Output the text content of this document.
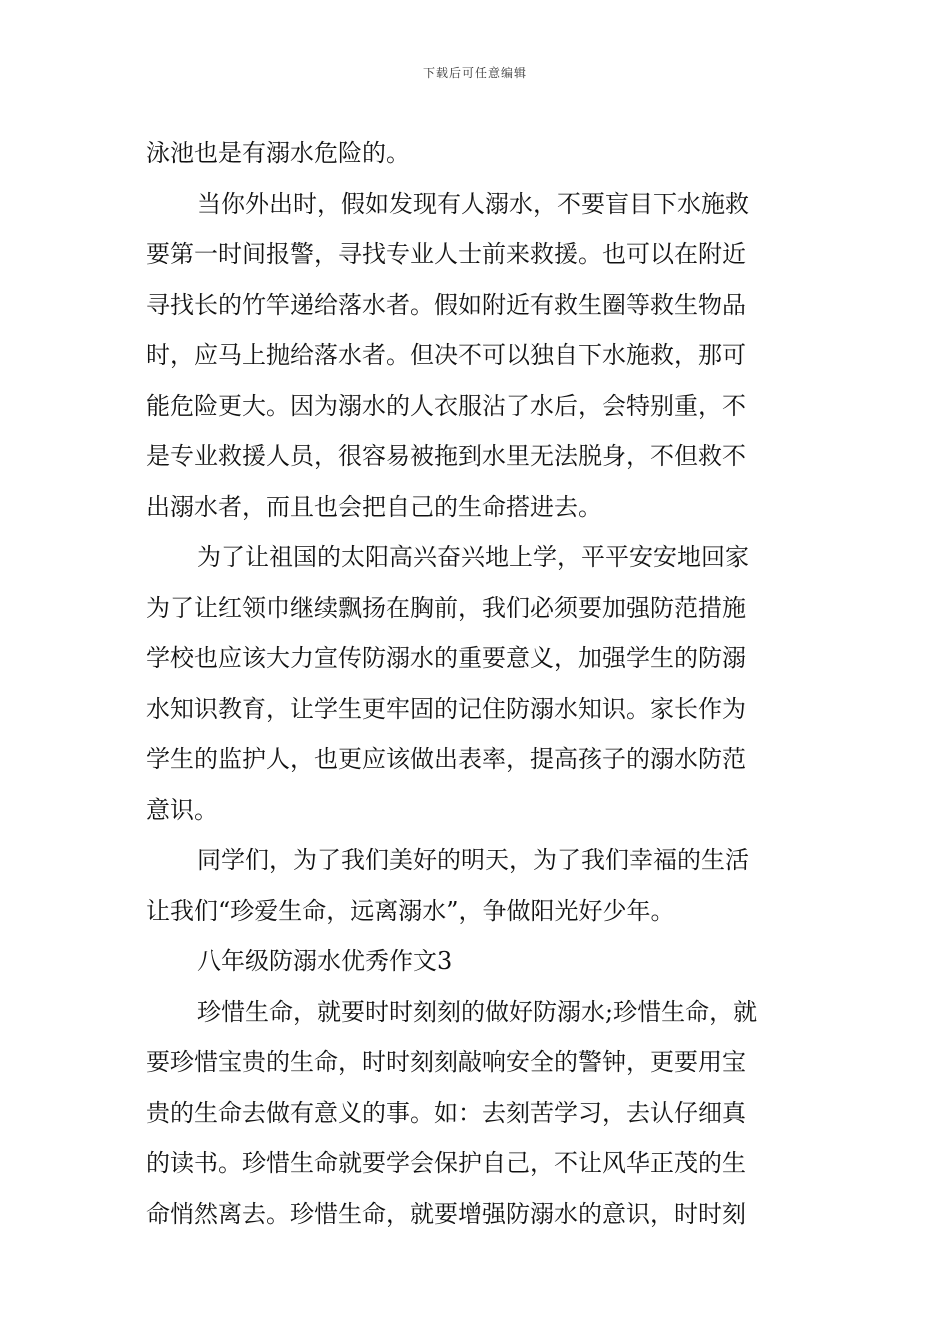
下载后可任意编辑
泳池也是有溺水危险的。
当你外出时，假如发现有人溺水，不要盲目下水施救
要第一时间报警，寻找专业人士前来救援。也可以在附近
寻找长的竹竿递给落水者。假如附近有救生圈等救生物品
时，应马上抛给落水者。但决不可以独自下水施救，那可
能危险更大。因为溺水的人衣服沾了水后，会特别重，不
是专业救援人员，很容易被拖到水里无法脱身，不但救不
出溺水者，而且也会把自己的生命搭进去。
为了让祖国的太阳高兴奋兴地上学，平平安安地回家
为了让红领巾继续飘扬在胸前，我们必须要加强防范措施
学校也应该大力宣传防溺水的重要意义，加强学生的防溺
水知识教育，让学生更牢固的记住防溺水知识。家长作为
学生的监护人，也更应该做出表率，提高孩子的溺水防范
意识。
同学们，为了我们美好的明天，为了我们幸福的生活
让我们“珍爱生命，远离溺水”，争做阳光好少年。
八年级防溺水优秀作文3
珍惜生命，就要时时刻刻的做好防溺水;珍惜生命，就
要珍惜宝贵的生命，时时刻刻敲响安全的警钟，更要用宝
贵的生命去做有意义的事。如：去刻苦学习，去认仔细真
的读书。珍惜生命就要学会保护自己，不让风华正茂的生
命悄然离去。珍惜生命，就要增强防溺水的意识，时时刻
